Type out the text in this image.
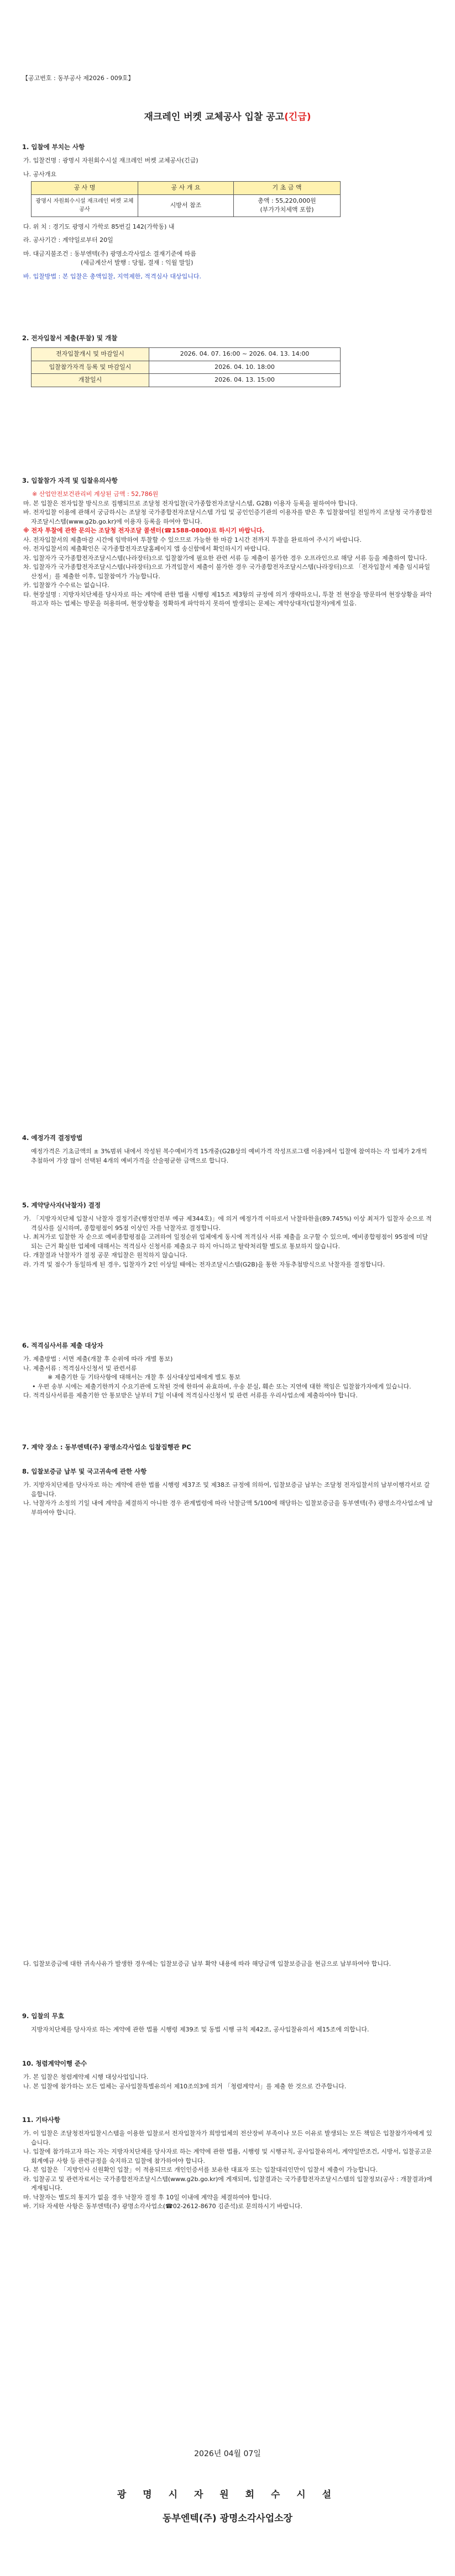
【공고번호 : 동부공사 제2026 - 009호】
재크레인 버켓 교체공사 입찰 공고(긴급)
1. 입찰에 부치는 사항

가. 입찰건명 : 광명시 자원회수시설 재크레인 버켓 교체공사(긴급)

나. 공사개요

공 사 명	공 사 개 요	기 초 금 액
광명시 자원회수시설 재크레인 버켓 교체공사	시방서 참조	총액 : 55,220,000원
(부가가치세액 포함)

다. 위 치 : 경기도 광명시 가학로 85번길 142(가학동) 내

라. 공사기간 : 계약일로부터 20일

마. 대금지불조건 : 동부엔텍(주) 광명소각사업소 결재기준에 따름

(세금계산서 발행 : 당월, 결재 : 익월 말일)

바. 입찰방법 : 본 입찰은 총액입찰, 지역제한, 적격심사 대상입니다.

2. 전자입찰서 제출(투찰) 및 개찰
전자입찰개시 및 마감일시	2026. 04. 07. 16:00 ~ 2026. 04. 13. 14:00
입찰참가자격 등록 및 마감일시	2026. 04. 10. 18:00
개찰일시	2026. 04. 13. 15:00
3. 입찰참가 자격 및 입찰유의사항

※ 산업안전보건관리비 계상된 금액 : 52,786원

마. 본 입찰은 전자입찰 방식으로 집행되므로 조달청 전자입찰(국가종합전자조달시스템, G2B) 이용자 등록을 필하여야 합니다.

바. 전자입찰 이용에 관해서 궁금하시는 조달청 국가종합전자조달시스템 가입 및 공인인증기관의 이용자를 받은 후 입찰참여일 전일까지 조달청 국가종합전자조달시스템(www.g2b.go.kr)에 이용자 등록을 하여야 합니다.

※ 전자 투찰에 관한 문의는 조달청 전자조달 콜센터(☎1588-0800)로 하시기 바랍니다.

사. 전자입찰서의 제출마감 시간에 임박하여 투찰할 수 있으므로 가능한 한 마감 1시간 전까지 투찰을 완료하여 주시기 바랍니다.

아. 전자입찰서의 제출확인은 국가종합전자조달홈페이지 앱 송신함에서 확인하시기 바랍니다.

자. 입찰자가 국가종합전자조달시스템(나라장터)으로 입찰참가에 필요한 관련 서류 등 제출이 불가한 경우 오프라인으로 해당 서류 등을 제출하여 합니다.

차. 입찰자가 국가종합전자조달시스템(나라장터)으로 가격입찰서 제출이 불가한 경우 국가종합전자조달시스템(나라장터)으로 「전자입찰서 제출 임시파일 산정서」를 제출한 이후, 입찰참여가 가능합니다.

카. 입찰참가 수수료는 없습니다.

타. 현장설명 : 지방자치단체를 당사자로 하는 계약에 관한 법률 시행령 제15조 제3항의 규정에 의거 생략하오니, 투찰 전 현장을 방문하여 현장상황을 파악하고자 하는 업체는 방문을 허용하며, 현장상황을 정확하게 파악하지 못하여 발생되는 문제는 계약상대자(입찰자)에게 있음.

4. 예정가격 결정방법

예정가격은 기초금액의 ± 3%범위 내에서 작성된 복수예비가격 15개중(G2B상의 예비가격 작성프로그램 이용)에서 입찰에 참여하는 각 업체가 2개씩 추첨하여 가장 많이 선택된 4개의 예비가격을 산술평균한 금액으로 합니다.

5. 계약당사자(낙찰자) 결정

가. 「지방자치단체 입찰시 낙찰자 결정기준(행정안전부 예규 제344호)」에 의거 예정가격 이하로서 낙찰하한율(89.745%) 이상 최저가 입찰자 순으로 적격심사를 실시하며, 종합평점이 95점 이상인 자를 낙찰자로 결정합니다.

나. 최저가로 입찰한 자 순으로 예비종합평점을 고려하여 일정순위 업체에게 동시에 적격심사 서류 제출을 요구할 수 있으며, 예비종합평점이 95점에 미달되는 근거 확실한 업체에 대해서는 적격심사 신청서류 제출요구 하지 아니하고 탈락처리할 별도로 통보하지 않습니다.

다. 개찰결과 낙찰자가 결정 공문 재입찰은 원칙하지 않습니다.

라. 가격 및 점수가 동일하게 된 경우, 입찰자가 2인 이상일 때에는 전자조달시스템(G2B)을 통한 자동추첨방식으로 낙찰자를 결정합니다.

6. 적격심사서류 제출 대상자

가. 제출방법 : 서면 제출(개찰 후 순위에 따라 개별 통보)

나. 제출서류 : 적격심사신청서 및 관련서류

※ 제출기한 등 기타사항에 대해서는 개찰 후 심사대상업체에게 별도 통보

• 우편 송부 시에는 제출기한까지 수요기관에 도착된 것에 한하여 유효하며, 우송 분실, 훼손 또는 지연에 대한 책임은 입찰참가자에게 있습니다.

다. 적격심사서류를 제출기한 안 통보받은 날부터 7일 이내에 적격심사신청서 및 관련 서류를 우리사업소에 제출하여야 합니다.

7. 계약 장소 : 동부엔텍(주) 광명소각사업소 입찰집행관 PC
8. 입찰보증금 납부 및 국고귀속에 관한 사항

가. 지방자치단체를 당사자로 하는 계약에 관한 법률 시행령 제37조 및 제38조 규정에 의하여, 입찰보증금 납부는 조달청 전자입찰서의 납부이행각서로 갈음합니다.

나. 낙찰자가 소정의 기일 내에 계약을 체결하지 아니한 경우 관계법령에 따라 낙찰금액 5/100에 해당하는 입찰보증금을 동부엔텍(주) 광명소각사업소에 납부하여야 합니다.

다. 입찰보증금에 대한 귀속사유가 발생한 경우에는 입찰보증금 납부 확약 내용에 따라 해당금액 입찰보증금을 현금으로 납부하여야 합니다.

9. 입찰의 무효

지방자치단체를 당사자로 하는 계약에 관한 법률 시행령 제39조 및 동법 시행 규칙 제42조, 공사입찰유의서 제15조에 의합니다.

10. 청렴계약이행 준수

가. 본 입찰은 청렴계약제 시행 대상사업입니다.

나. 본 입찰에 참가하는 모든 업체는 공사입찰특별유의서 제10조의3에 의거 「청렴계약서」를 제출 한 것으로 간주합니다.

11. 기타사항

가. 이 입찰은 조달청전자입찰시스템을 이용한 입찰로서 전자입찰자가 희망업체의 전산장비 부족이나 모든 이유로 발생되는 모든 책임은 입찰참가자에게 있습니다.

나. 입찰에 참가하고자 하는 자는 지방자치단체를 당사자로 하는 계약에 관한 법률, 시행령 및 시행규칙, 공사입찰유의서, 계약일반조건, 시방서, 입찰공고문 회계예규 사항 등 관련규정을 숙지하고 입찰에 참가하여야 합니다.

다. 본 입찰은 「지방인사 신원확인 입찰」이 적용되므로 개인인증서를 보유한 대표자 또는 입찰대리인만이 입찰서 제출이 가능합니다.

라. 입찰공고 및 관련자료서는 국가종합전자조달시스템(www.g2b.go.kr)에 게재되며, 입찰결과는 국가종합전자조달시스템의 입찰정보(공사 : 개찰결과)에 게재됩니다.

마. 낙찰자는 별도의 통지가 없을 경우 낙찰자 결정 후 10일 이내에 계약을 체결하여야 합니다.

바. 기타 자세한 사항은 동부엔텍(주) 광명소각사업소(☎02-2612-8670 김준석)로 문의하시기 바랍니다.

2026년 04월 07일
광 명 시 자 원 회 수 시 설
동부엔텍(주) 광명소각사업소장
